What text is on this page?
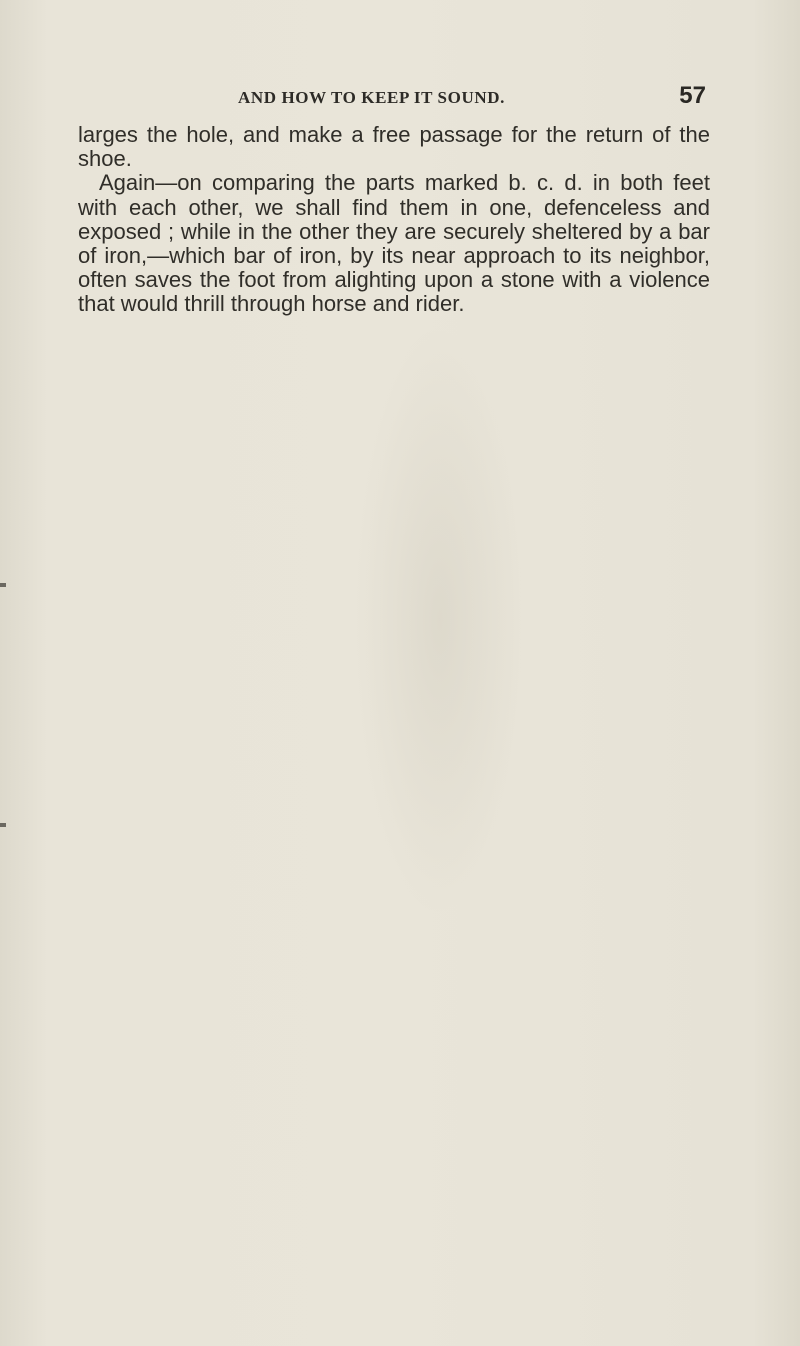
AND HOW TO KEEP IT SOUND.	57

larges the hole, and make a free passage for the return of the shoe.

Again—on comparing the parts marked b. c. d. in both feet with each other, we shall find them in one, defenceless and exposed ; while in the other they are securely sheltered by a bar of iron,—which bar of iron, by its near approach to its neighbor, often saves the foot from alighting upon a stone with a violence that would thrill through horse and rider.
